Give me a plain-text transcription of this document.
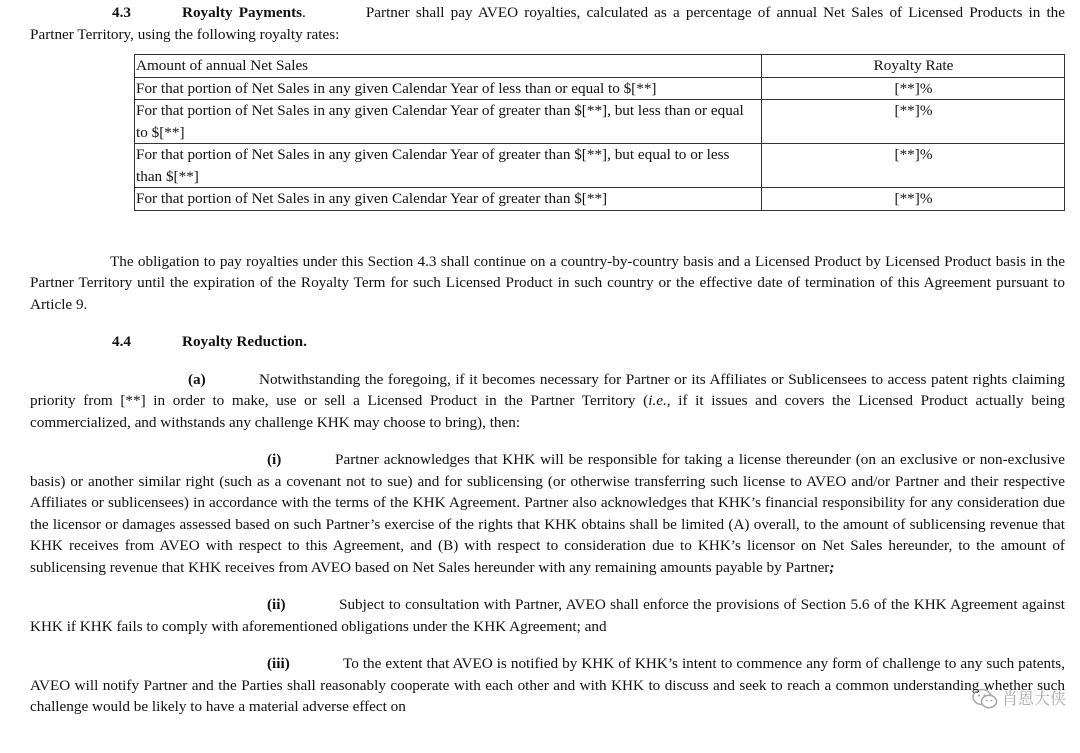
4.3	Royalty Payments.	Partner shall pay AVEO royalties, calculated as a percentage of annual Net Sales of Licensed Products in the Partner Territory, using the following royalty rates:

Amount of annual Net Sales	Royalty Rate
For that portion of Net Sales in any given Calendar Year of less than or equal to $[**]	[**]%
For that portion of Net Sales in any given Calendar Year of greater than $[**], but less than or equal to $[**]	[**]%
For that portion of Net Sales in any given Calendar Year of greater than $[**], but equal to or less than $[**]	[**]%
For that portion of Net Sales in any given Calendar Year of greater than $[**]	[**]%

The obligation to pay royalties under this Section 4.3 shall continue on a country-by-country basis and a Licensed Product by Licensed Product basis in the Partner Territory until the expiration of the Royalty Term for such Licensed Product in such country or the effective date of termination of this Agreement pursuant to Article 9.

4.4	Royalty Reduction.

(a)	Notwithstanding the foregoing, if it becomes necessary for Partner or its Affiliates or Sublicensees to access patent rights claiming priority from [**] in order to make, use or sell a Licensed Product in the Partner Territory (i.e., if it issues and covers the Licensed Product actually being commercialized, and withstands any challenge KHK may choose to bring), then:

(i)	Partner acknowledges that KHK will be responsible for taking a license thereunder (on an exclusive or non-exclusive basis) or another similar right (such as a covenant not to sue) and for sublicensing (or otherwise transferring such license to AVEO and/or Partner and their respective Affiliates or sublicensees) in accordance with the terms of the KHK Agreement. Partner also acknowledges that KHK’s financial responsibility for any consideration due the licensor or damages assessed based on such Partner’s exercise of the rights that KHK obtains shall be limited (A) overall, to the amount of sublicensing revenue that KHK receives from AVEO with respect to this Agreement, and (B) with respect to consideration due to KHK’s licensor on Net Sales hereunder, to the amount of sublicensing revenue that KHK receives from AVEO based on Net Sales hereunder with any remaining amounts payable by Partner;

(ii)	Subject to consultation with Partner, AVEO shall enforce the provisions of Section 5.6 of the KHK Agreement against KHK if KHK fails to comply with aforementioned obligations under the KHK Agreement; and

(iii)	To the extent that AVEO is notified by KHK of KHK’s intent to commence any form of challenge to any such patents, AVEO will notify Partner and the Parties shall reasonably cooperate with each other and with KHK to discuss and seek to reach a common understanding whether such challenge would be likely to have a material adverse effect on	肖恩大侠
